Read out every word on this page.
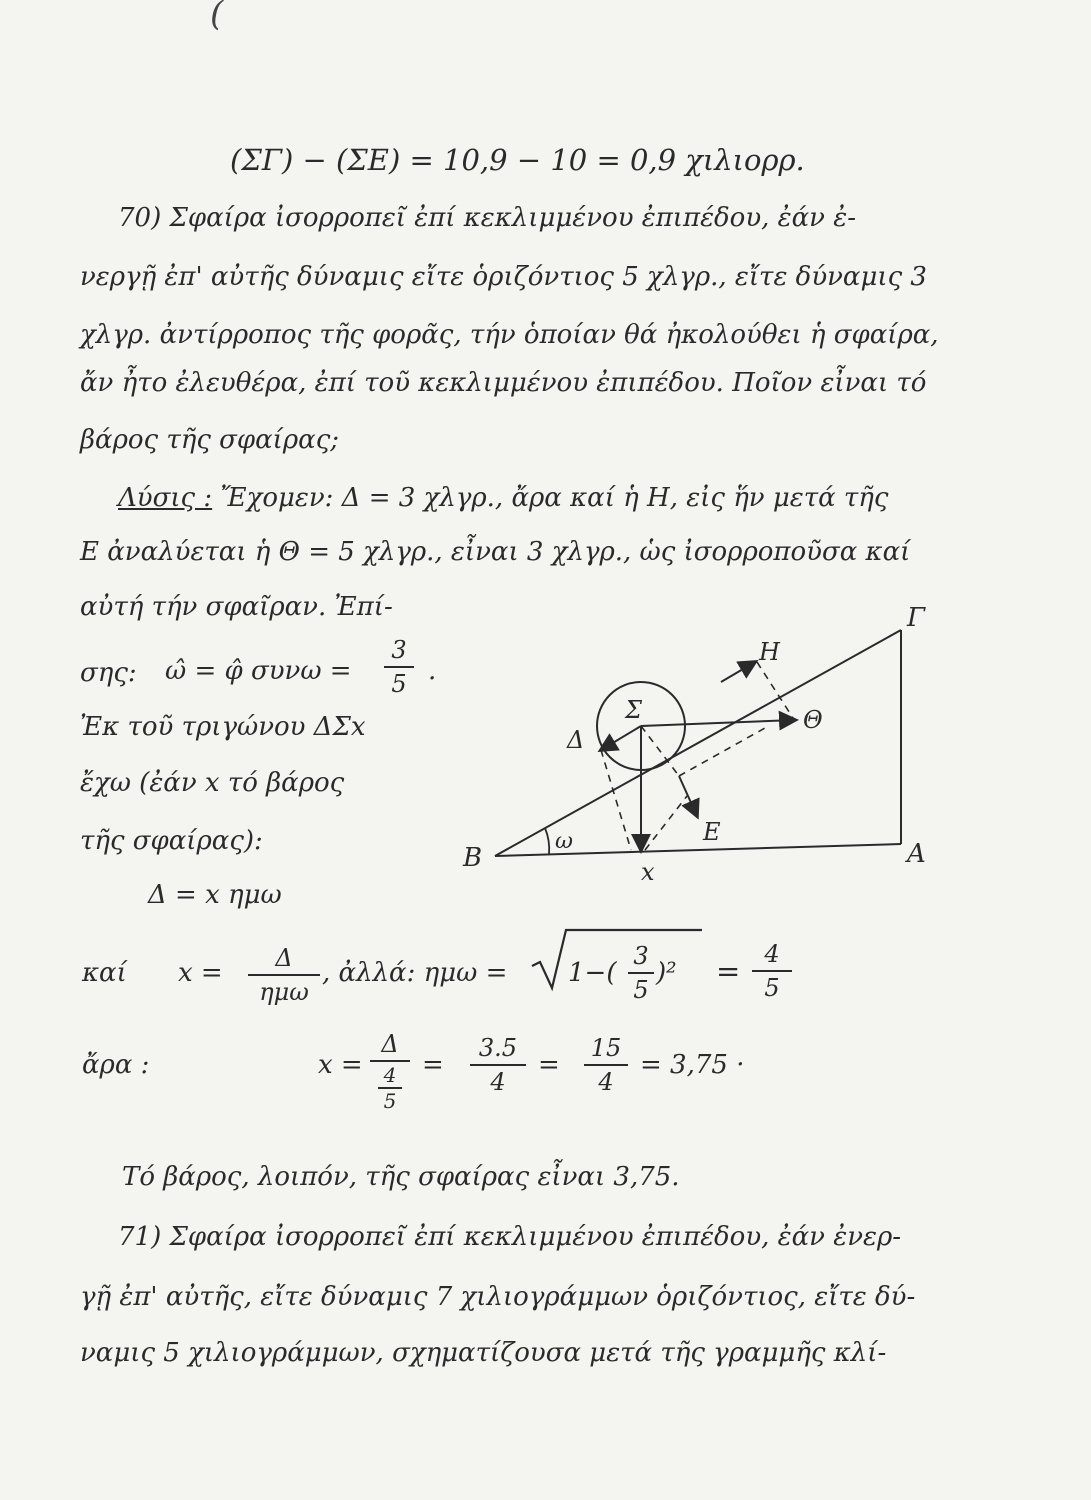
(
(ΣΓ) − (ΣΕ) = 10,9 − 10 = 0,9 χιλιορρ.
70) Σφαίρα ἰσορροπεῖ ἐπί κεκλιμμένου ἐπιπέδου, ἐάν ἐ-
νεργῇ ἐπ' αὐτῆς δύναμις εἴτε ὁριζόντιος 5 χλγρ., εἴτε δύναμις 3
χλγρ. ἀντίρροπος τῆς φορᾶς, τήν ὁποίαν θά ἠκολούθει ἡ σφαίρα,
ἄν ἦτο ἐλευθέρα, ἐπί τοῦ κεκλιμμένου ἐπιπέδου. Ποῖον εἶναι τό
βάρος τῆς σφαίρας;
Λύσις : Ἔχομεν: Δ = 3 χλγρ., ἄρα καί ἡ Η, εἰς ἥν μετά τῆς
Ε ἀναλύεται ἡ Θ = 5 χλγρ., εἶναι 3 χλγρ., ὡς ἰσορροποῦσα καί
αὐτή τήν σφαῖραν. Ἐπί-
σης: ω̂ = φ̂ συνω =
3
5 .
Ἐκ τοῦ τριγώνου ΔΣx
ἔχω (ἐάν x τό βάρος
τῆς σφαίρας):
Δ = x ημω
καί x =	Δ
ημω
, ἀλλά: ημω = 1−(
3
5
)² =	4
5
ἄρα :	x =
Δ
4
5
=
3.5
4
=
15
4
= 3,75 ·
Τό βάρος, λοιπόν, τῆς σφαίρας εἶναι 3,75.
71) Σφαίρα ἰσορροπεῖ ἐπί κεκλιμμένου ἐπιπέδου, ἐάν ἐνερ-
γῇ ἐπ' αὐτῆς, εἴτε δύναμις 7 χιλιογράμμων ὁριζόντιος, εἴτε δύ-
ναμις 5 χιλιογράμμων, σχηματίζουσα μετά τῆς γραμμῆς κλί-
Γ
Η
Θ
Σ
Δ
Ε
x
Β	Α
ω
